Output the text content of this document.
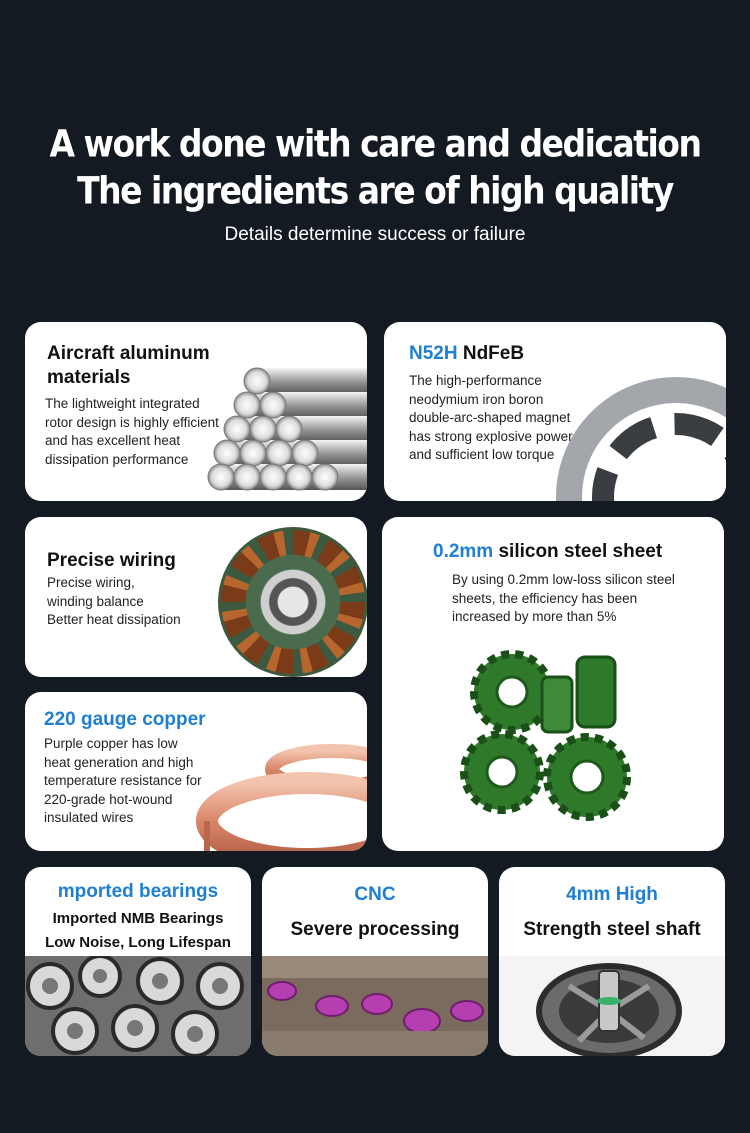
A work done with care and dedication
The ingredients are of high quality
Details determine success or failure
Aircraft aluminum materials
The lightweight integrated
rotor design is highly efficient
and has excellent heat
dissipation performance
N52H NdFeB
The high-performance
neodymium iron boron
double-arc-shaped magnet
has strong explosive power
and sufficient low torque
Precise wiring
Precise wiring,
winding balance
Better heat dissipation
0.2mm silicon steel sheet
By using 0.2mm low-loss silicon steel
sheets, the efficiency has been
increased by more than 5%
220 gauge copper
Purple copper has low
heat generation and high
temperature resistance for
220-grade hot-wound
insulated wires
mported bearings
Imported NMB Bearings
Low Noise, Long Lifespan
CNC
Severe processing
4mm High
Strength steel shaft
